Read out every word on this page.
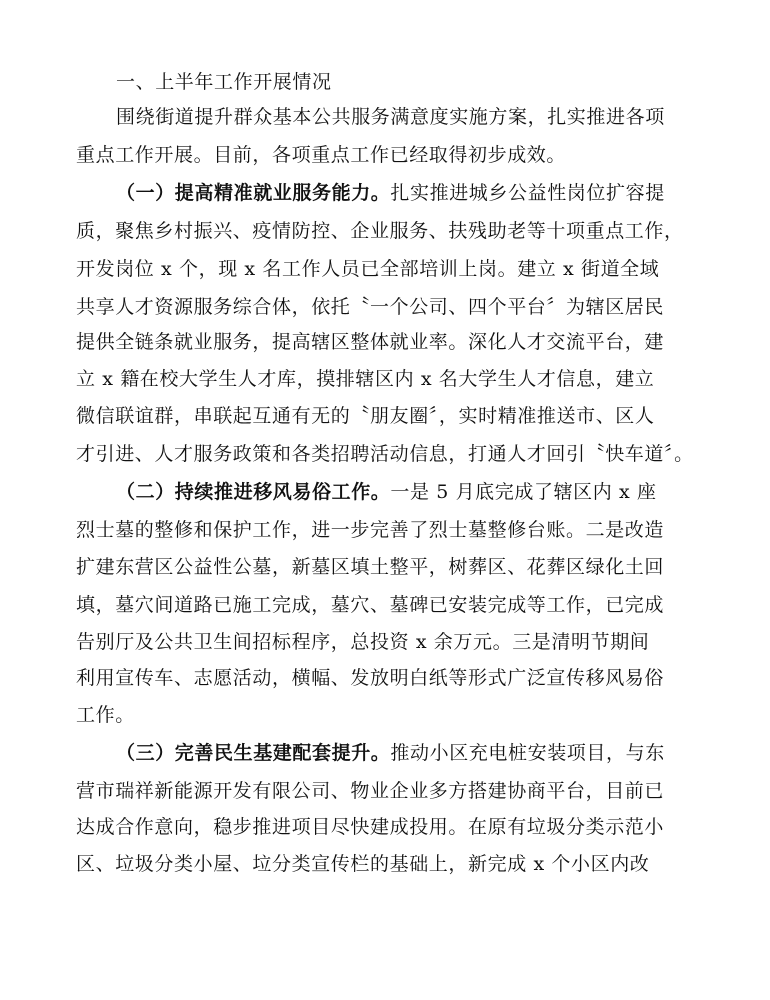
一、上半年工作开展情况
围绕街道提升群众基本公共服务满意度实施方案，扎实推进各项
重点工作开展。目前，各项重点工作已经取得初步成效。
（一）提高精准就业服务能力。扎实推进城乡公益性岗位扩容提
质，聚焦乡村振兴、疫情防控、企业服务、扶残助老等十项重点工作，
开发岗位 x 个，现 x 名工作人员已全部培训上岗。建立 x 街道全域
共享人才资源服务综合体，依托〝一个公司、四个平台〞为辖区居民
提供全链条就业服务，提高辖区整体就业率。深化人才交流平台，建
立 x 籍在校大学生人才库，摸排辖区内 x 名大学生人才信息，建立
微信联谊群，串联起互通有无的〝朋友圈〞，实时精准推送市、区人
才引进、人才服务政策和各类招聘活动信息，打通人才回引〝快车道〞。
（二）持续推进移风易俗工作。一是 5 月底完成了辖区内 x 座
烈士墓的整修和保护工作，进一步完善了烈士墓整修台账。二是改造
扩建东营区公益性公墓，新墓区填土整平，树葬区、花葬区绿化土回
填，墓穴间道路已施工完成，墓穴、墓碑已安装完成等工作，已完成
告别厅及公共卫生间招标程序，总投资 x 余万元。三是清明节期间
利用宣传车、志愿活动，横幅、发放明白纸等形式广泛宣传移风易俗
工作。
（三）完善民生基建配套提升。推动小区充电桩安装项目，与东
营市瑞祥新能源开发有限公司、物业企业多方搭建协商平台，目前已
达成合作意向，稳步推进项目尽快建成投用。在原有垃圾分类示范小
区、垃圾分类小屋、垃分类宣传栏的基础上，新完成 x 个小区内改
